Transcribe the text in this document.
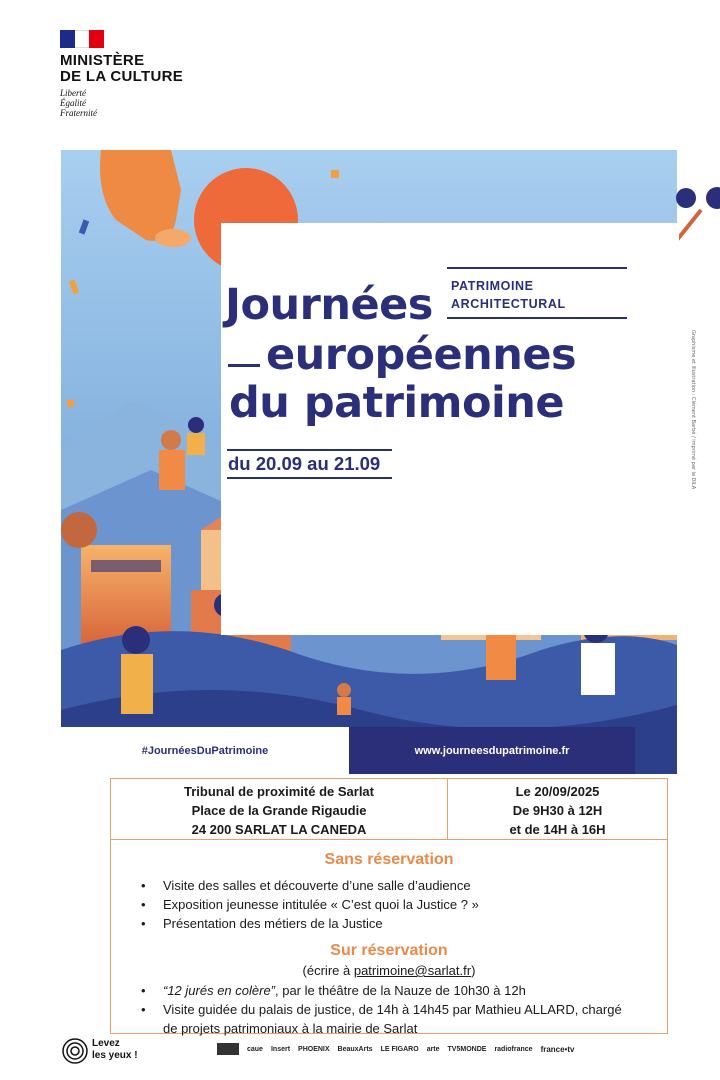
MINISTÈRE
DE LA CULTURE
Liberté
Égalité
Fraternité
PATRIMOINE
ARCHITECTURAL
Journées
européennes
du patrimoine
du 20.09 au 21.09	Graphisme et illustration : Clément Barbé / imprimé par la DILA
#JournéesDuPatrimoine	www.journeesdupatrimoine.fr
Tribunal de proximité de Sarlat
Place de la Grande Rigaudie
24 200 SARLAT LA CANEDA
Le 20/09/2025
De 9H30 à 12H
et de 14H à 16H
Sans réservation
• Visite des salles et découverte d’une salle d’audience
• Exposition jeunesse intitulée « C’est quoi la Justice ? »
• Présentation des métiers de la Justice
Sur réservation
(écrire à patrimoine@sarlat.fr)
• “12 jurés en colère”, par le théâtre de la Nauze de 10h30 à 12h
• Visite guidée du palais de justice, de 14h à 14h45 par Mathieu ALLARD, chargé
de projets patrimoniaux à la mairie de Sarlat
Levez
les yeux !
caue Insert PHOENIX BeauxArts LE FIGARO arte TV5MONDE radiofrance france•tv
